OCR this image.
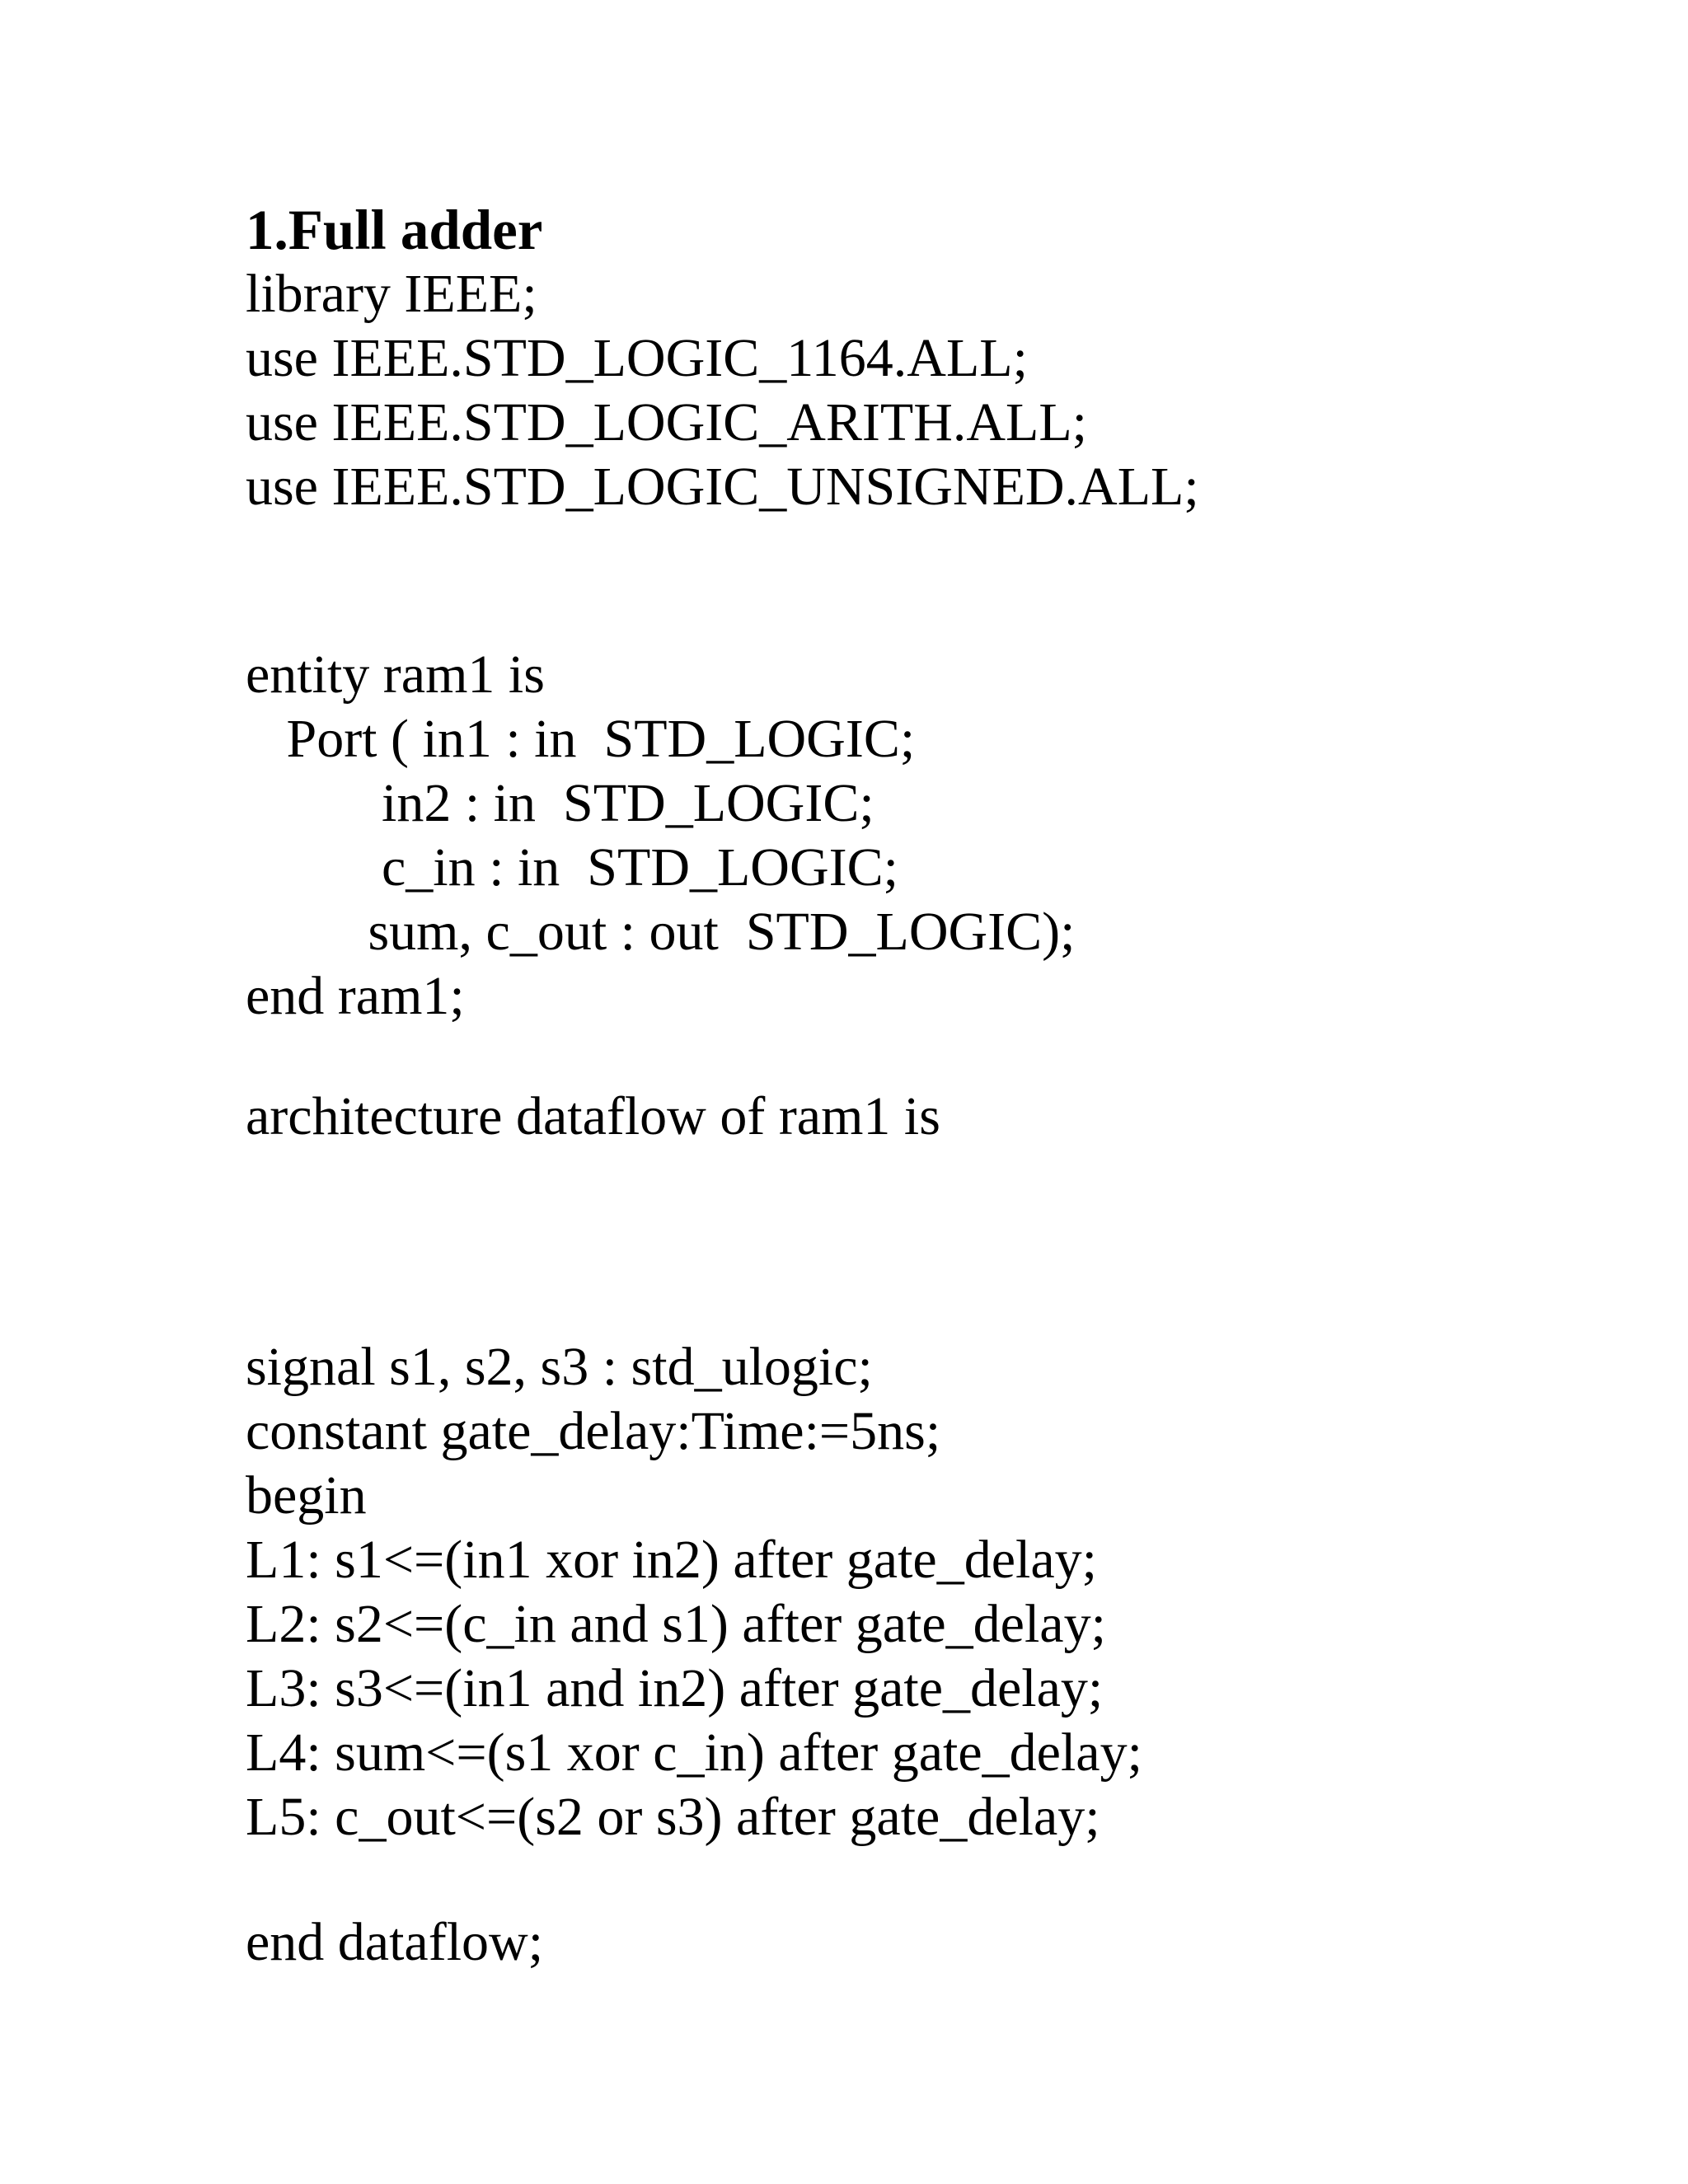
1.Full adder
library IEEE;
use IEEE.STD_LOGIC_1164.ALL;
use IEEE.STD_LOGIC_ARITH.ALL;
use IEEE.STD_LOGIC_UNSIGNED.ALL;
entity ram1 is
Port ( in1 : in  STD_LOGIC;
in2 : in  STD_LOGIC;
c_in : in  STD_LOGIC;
sum, c_out : out  STD_LOGIC);
end ram1;
architecture dataflow of ram1 is
signal s1, s2, s3 : std_ulogic;
constant gate_delay:Time:=5ns;
begin
L1: s1<=(in1 xor in2) after gate_delay;
L2: s2<=(c_in and s1) after gate_delay;
L3: s3<=(in1 and in2) after gate_delay;
L4: sum<=(s1 xor c_in) after gate_delay;
L5: c_out<=(s2 or s3) after gate_delay;
end dataflow;
